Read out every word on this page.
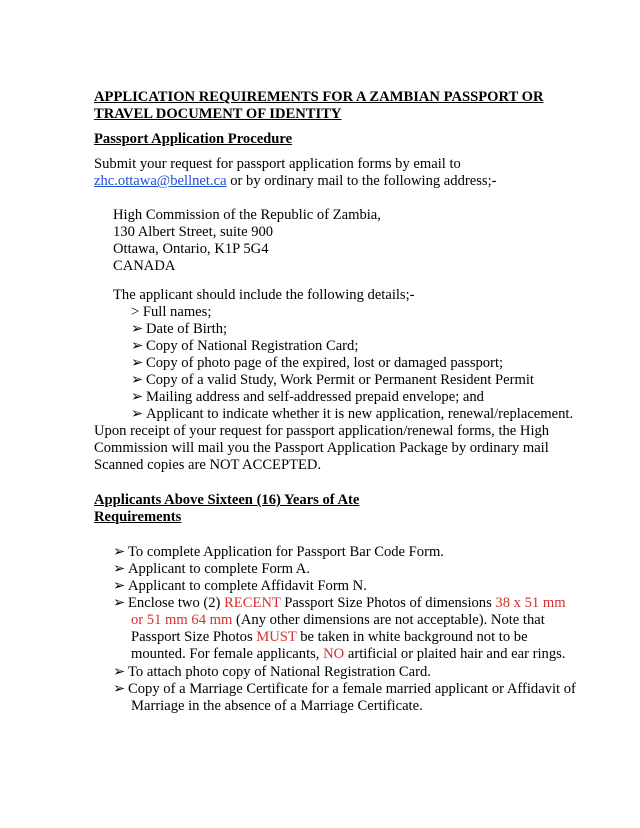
APPLICATION REQUIREMENTS FOR A ZAMBIAN PASSPORT OR
TRAVEL DOCUMENT OF IDENTITY
Passport Application Procedure
Submit your request for passport application forms by email to
zhc.ottawa@bellnet.ca or by ordinary mail to the following address;-
High Commission of the Republic of Zambia,
130 Albert Street, suite 900
Ottawa, Ontario, K1P 5G4
CANADA
The applicant should include the following details;-
> Full names;
➢ Date of Birth;
➢ Copy of National Registration Card;
➢ Copy of photo page of the expired, lost or damaged passport;
➢ Copy of a valid Study, Work Permit or Permanent Resident Permit
➢ Mailing address and self-addressed prepaid envelope; and
➢ Applicant to indicate whether it is new application, renewal/replacement.
Upon receipt of your request for passport application/renewal forms, the High
Commission will mail you the Passport Application Package by ordinary mail
Scanned copies are NOT ACCEPTED.
Applicants Above Sixteen (16) Years of Ate
Requirements
➢ To complete Application for Passport Bar Code Form.
➢ Applicant to complete Form A.
➢ Applicant to complete Affidavit Form N.
➢ Enclose two (2) RECENT Passport Size Photos of dimensions 38 x 51 mm
or 51 mm 64 mm (Any other dimensions are not acceptable). Note that
Passport Size Photos MUST be taken in white background not to be
mounted. For female applicants, NO artificial or plaited hair and ear rings.
➢ To attach photo copy of National Registration Card.
➢ Copy of a Marriage Certificate for a female married applicant or Affidavit of
Marriage in the absence of a Marriage Certificate.
